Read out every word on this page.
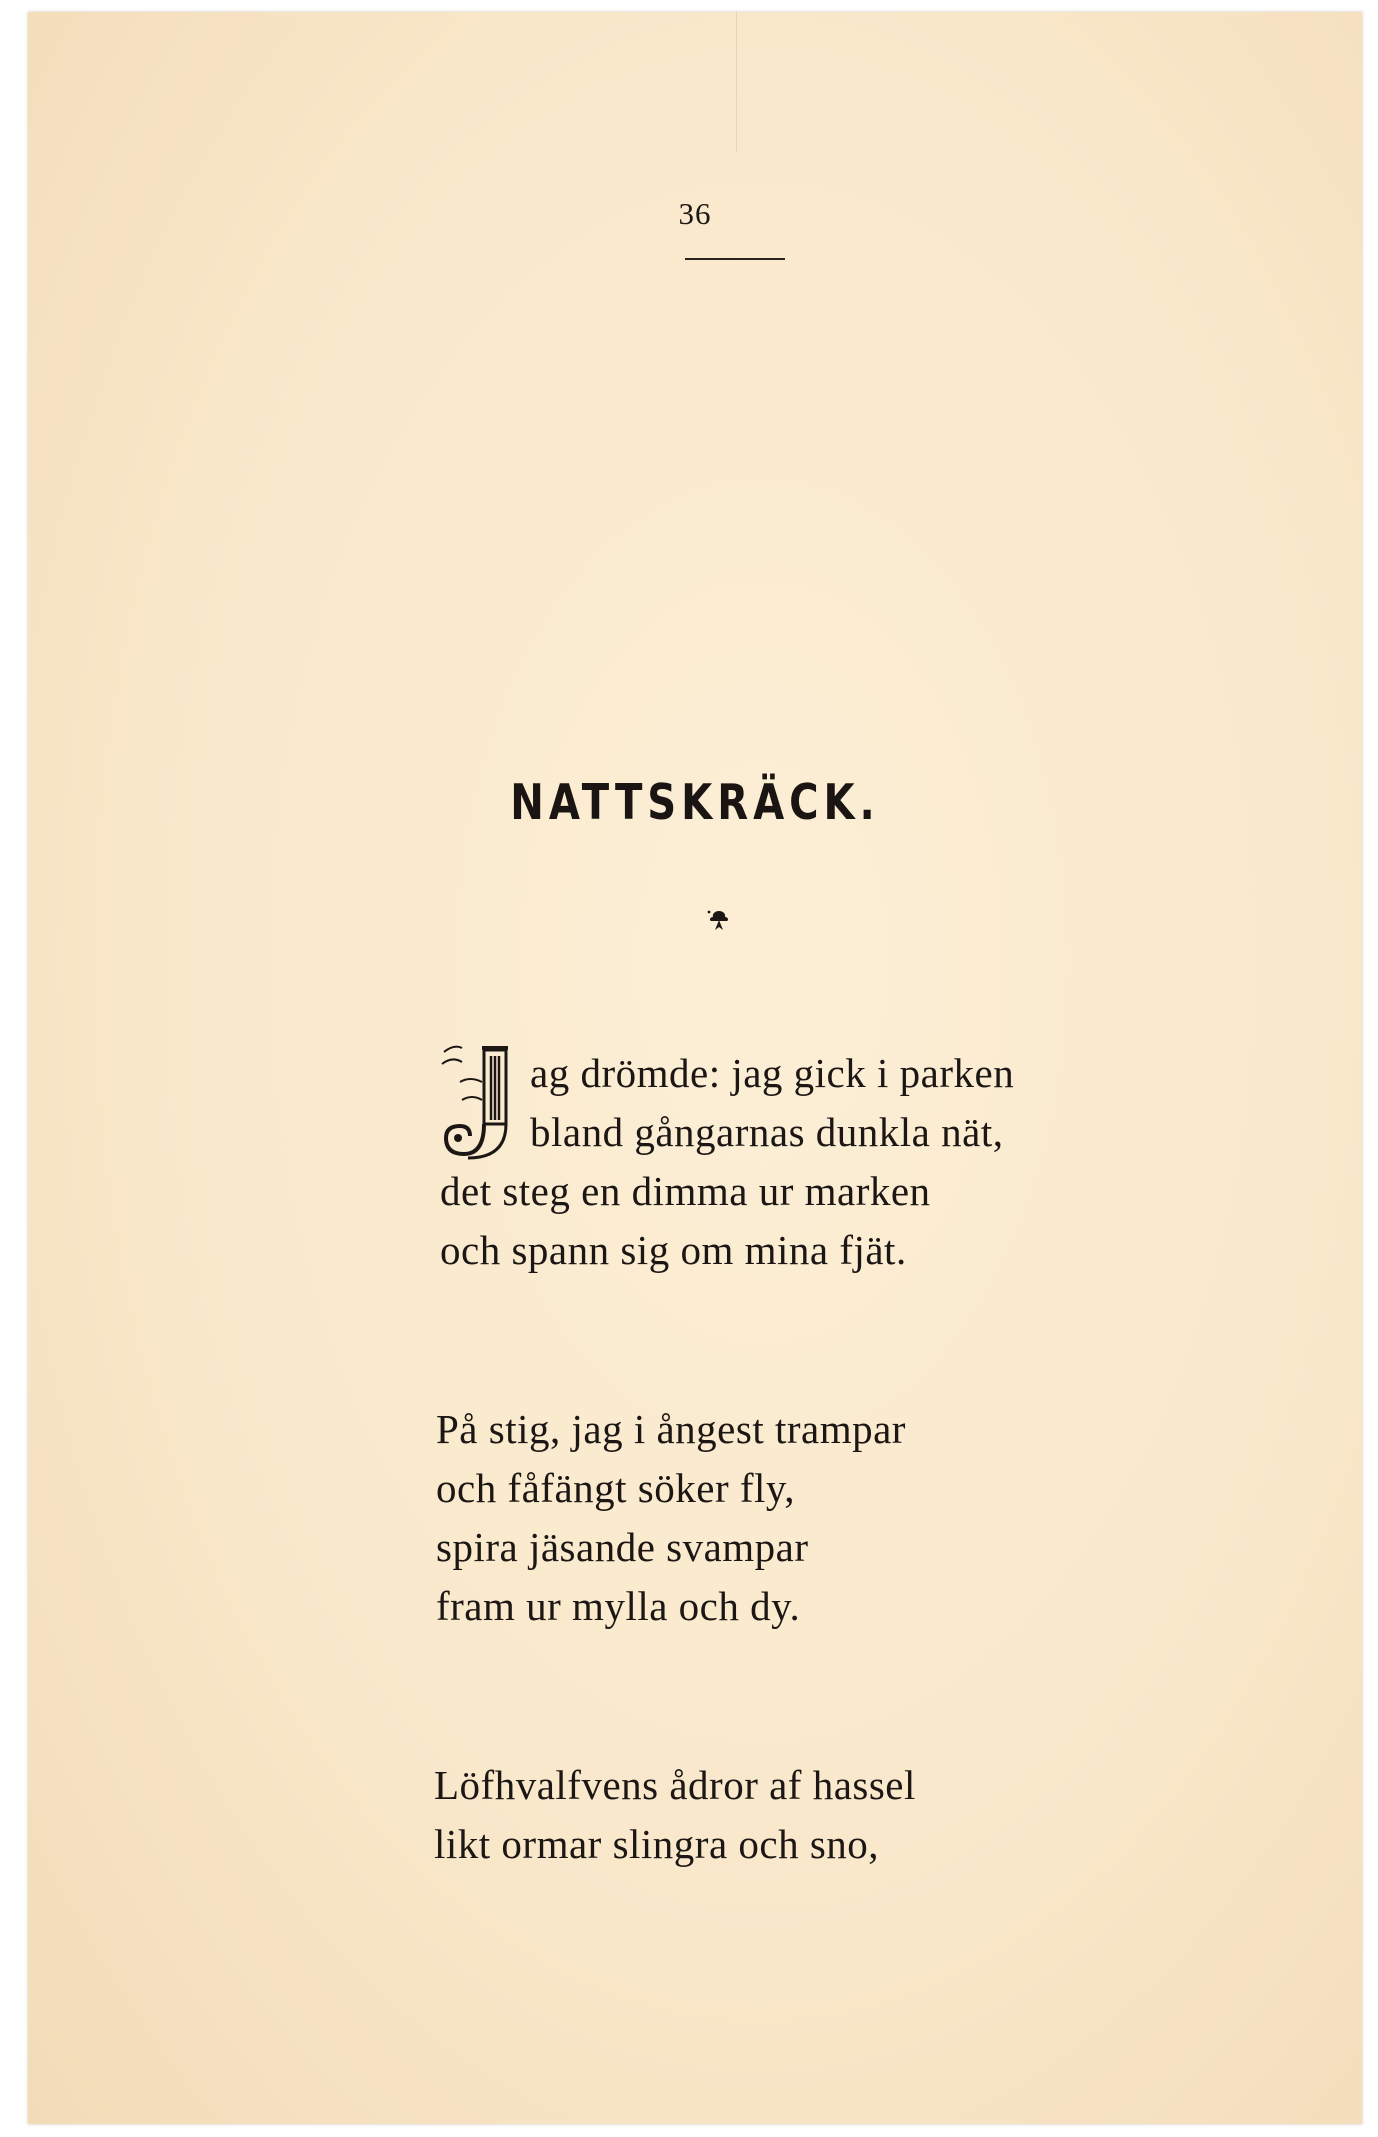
36
NATTSKRÄCK.
ag drömde: jag gick i parken
bland gångarnas dunkla nät,
det steg en dimma ur marken
och spann sig om mina fjät.
På stig, jag i ångest trampar
och fåfängt söker fly,
spira jäsande svampar
fram ur mylla och dy.
Löfhvalfvens ådror af hassel
likt ormar slingra och sno,
